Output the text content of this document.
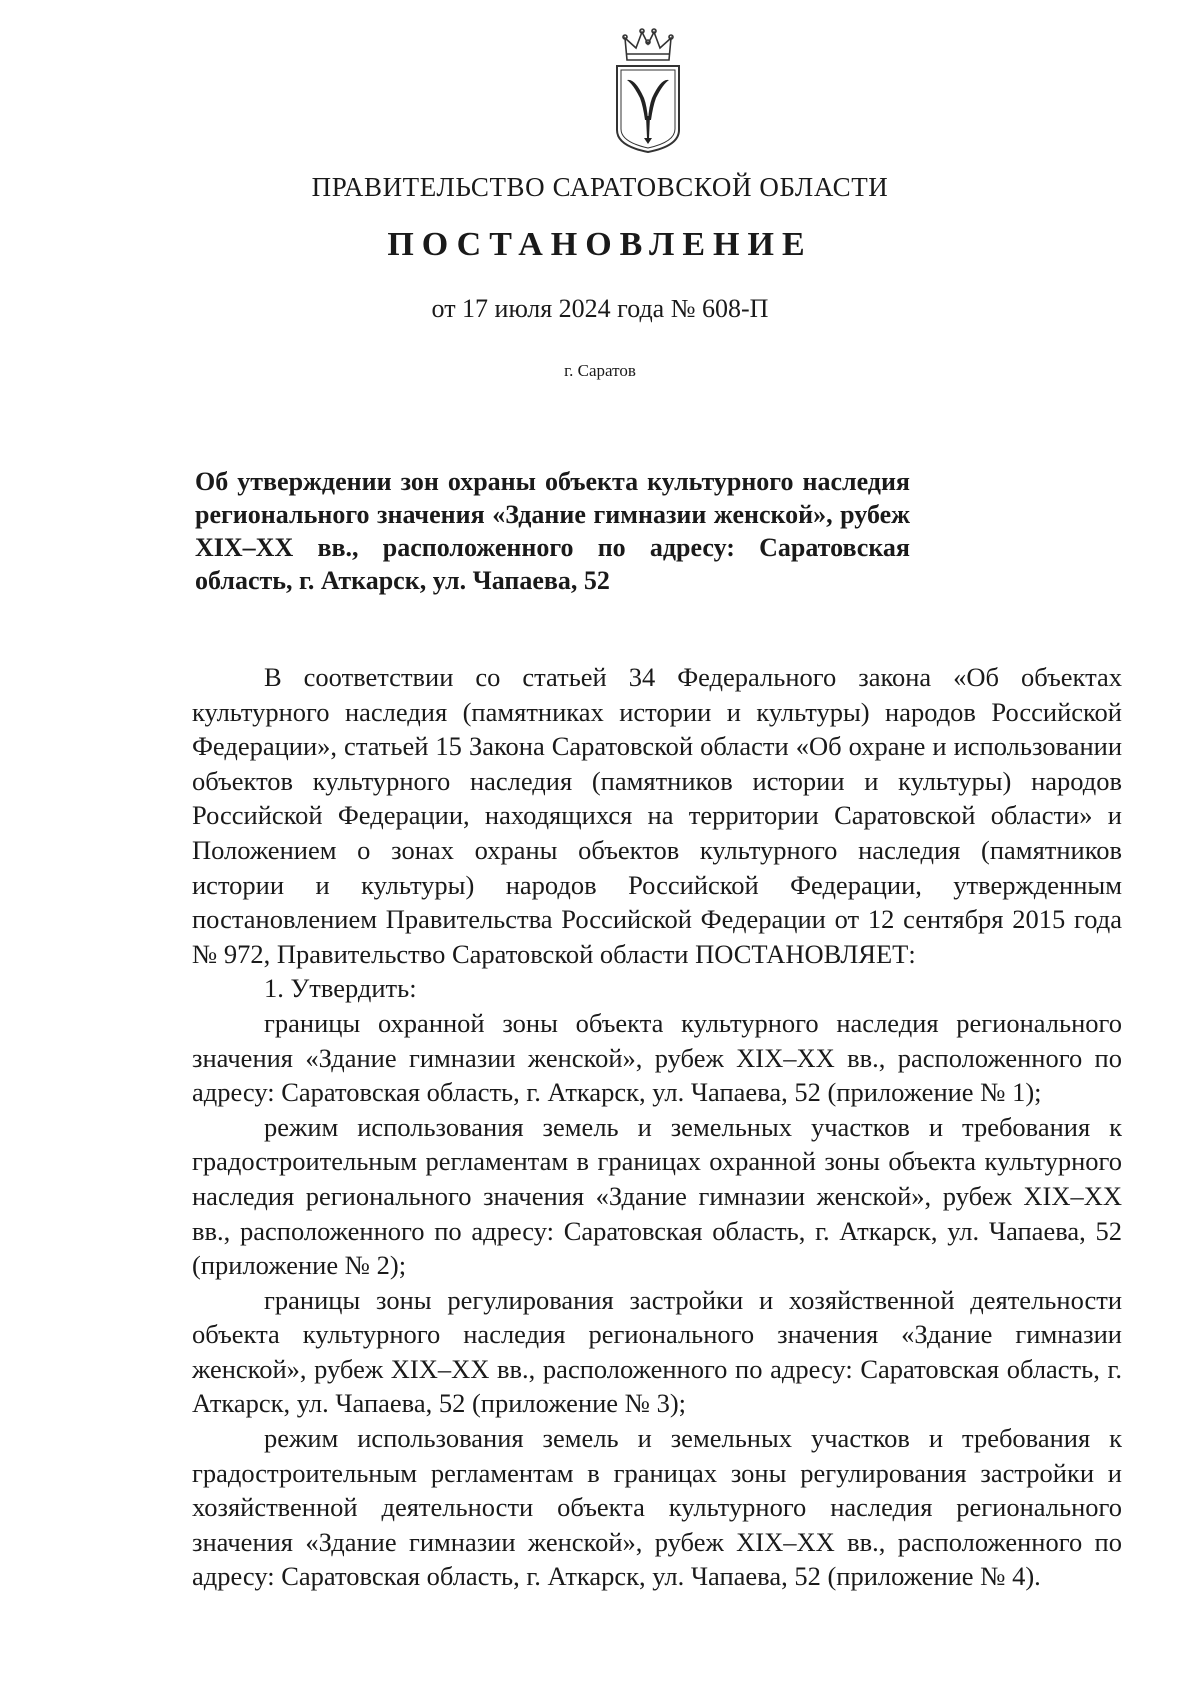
ПРАВИТЕЛЬСТВО САРАТОВСКОЙ ОБЛАСТИ
ПОСТАНОВЛЕНИЕ
от 17 июля 2024 года № 608-П
г. Саратов
Об утверждении зон охраны объекта культурного наследия регионального значения «Здание гимназии женской», рубеж XIX–XX вв., расположенного по адресу: Саратовская область, г. Аткарск, ул. Чапаева, 52

В соответствии со статьей 34 Федерального закона «Об объектах культурного наследия (памятниках истории и культуры) народов Российской Федерации», статьей 15 Закона Саратовской области «Об охране и использовании объектов культурного наследия (памятников истории и культуры) народов Российской Федерации, находящихся на территории Саратовской области» и Положением о зонах охраны объектов культурного наследия (памятников истории и культуры) народов Российской Федерации, утвержденным постановлением Правительства Российской Федерации от 12 сентября 2015 года № 972, Правительство Саратовской области ПОСТАНОВЛЯЕТ:

1. Утвердить:

границы охранной зоны объекта культурного наследия регионального значения «Здание гимназии женской», рубеж XIX–XX вв., расположенного по адресу: Саратовская область, г. Аткарск, ул. Чапаева, 52 (приложение № 1);

режим использования земель и земельных участков и требования к градостроительным регламентам в границах охранной зоны объекта культурного наследия регионального значения «Здание гимназии женской», рубеж XIX–XX вв., расположенного по адресу: Саратовская область, г. Аткарск, ул. Чапаева, 52 (приложение № 2);

границы зоны регулирования застройки и хозяйственной деятельности объекта культурного наследия регионального значения «Здание гимназии женской», рубеж XIX–XX вв., расположенного по адресу: Саратовская область, г. Аткарск, ул. Чапаева, 52 (приложение № 3);

режим использования земель и земельных участков и требования к градостроительным регламентам в границах зоны регулирования застройки и хозяйственной деятельности объекта культурного наследия регионального значения «Здание гимназии женской», рубеж XIX–XX вв., расположенного по адресу: Саратовская область, г. Аткарск, ул. Чапаева, 52 (приложение № 4).
